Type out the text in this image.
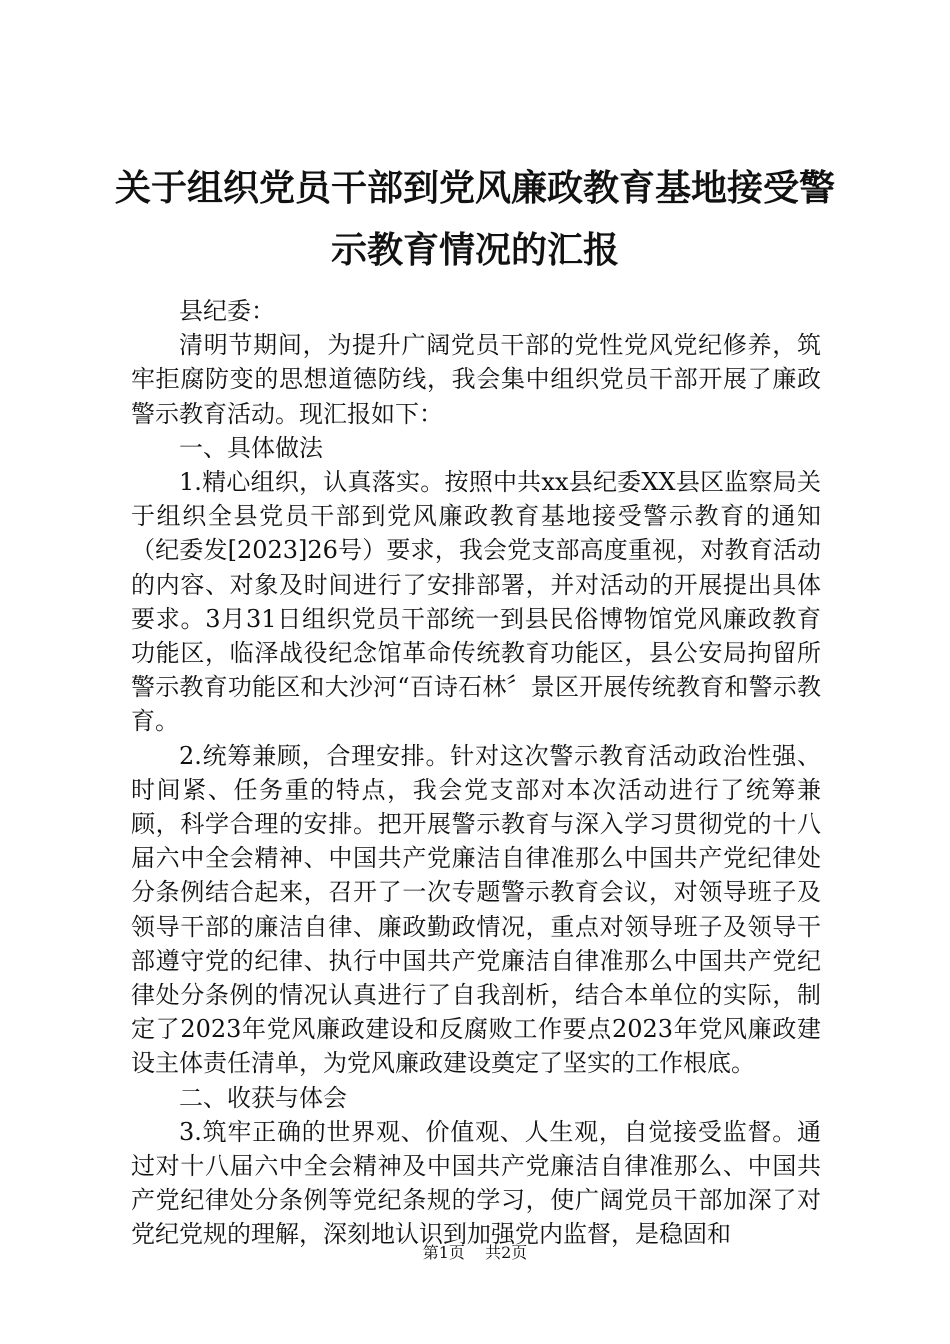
关于组织党员干部到党风廉政教育基地接受警
示教育情况的汇报

县纪委：

清明节期间，为提升广阔党员干部的党性党风党纪修养，筑牢拒腐防变的思想道德防线，我会集中组织党员干部开展了廉政警示教育活动。现汇报如下：

一、具体做法

1.精心组织，认真落实。按照中共xx县纪委XX县区监察局关于组织全县党员干部到党风廉政教育基地接受警示教育的通知（纪委发[2023]26号）要求，我会党支部高度重视，对教育活动的内容、对象及时间进行了安排部署，并对活动的开展提出具体要求。3月31日组织党员干部统一到县民俗博物馆党风廉政教育功能区，临泽战役纪念馆革命传统教育功能区，县公安局拘留所警示教育功能区和大沙河“百诗石林〞景区开展传统教育和警示教育。

2.统筹兼顾，合理安排。针对这次警示教育活动政治性强、时间紧、任务重的特点，我会党支部对本次活动进行了统筹兼顾，科学合理的安排。把开展警示教育与深入学习贯彻党的十八届六中全会精神、中国共产党廉洁自律准那么中国共产党纪律处分条例结合起来，召开了一次专题警示教育会议，对领导班子及领导干部的廉洁自律、廉政勤政情况，重点对领导班子及领导干部遵守党的纪律、执行中国共产党廉洁自律准那么中国共产党纪律处分条例的情况认真进行了自我剖析，结合本单位的实际，制定了2023年党风廉政建设和反腐败工作要点2023年党风廉政建设主体责任清单，为党风廉政建设奠定了坚实的工作根底。

二、收获与体会

3.筑牢正确的世界观、价值观、人生观，自觉接受监督。通过对十八届六中全会精神及中国共产党廉洁自律准那么、中国共产党纪律处分条例等党纪条规的学习，使广阔党员干部加深了对党纪党规的理解，深刻地认识到加强党内监督，是稳固和

第1页 共2页
